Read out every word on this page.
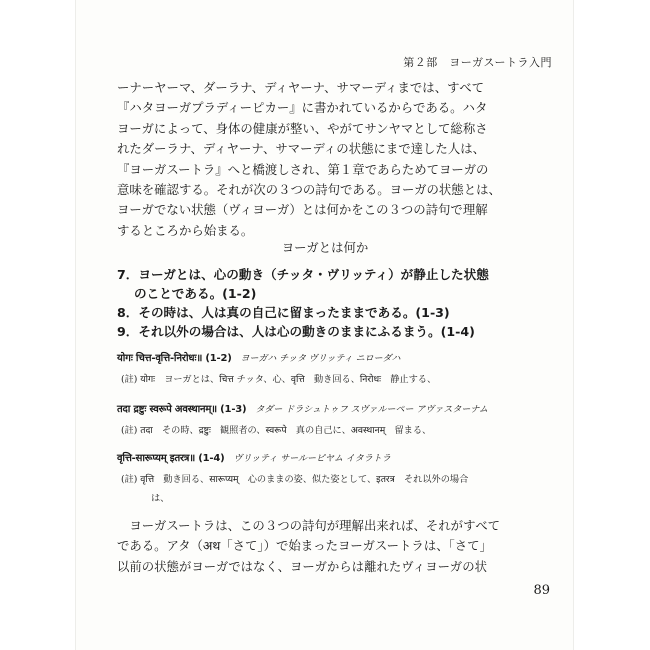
第２部　ヨーガスートラ入門

ーナーヤーマ、ダーラナ、ディヤーナ、サマーディまでは、すべて
『ハタヨーガプラディーピカー』に書かれているからである。ハタ
ヨーガによって、身体の健康が整い、やがてサンヤマとして総称さ
れたダーラナ、ディヤーナ、サマーディの状態にまで達した人は、
『ヨーガスートラ』へと橋渡しされ、第１章であらためてヨーガの
意味を確認する。それが次の３つの詩句である。ヨーガの状態とは、
ヨーガでない状態（ヴィヨーガ）とは何かをこの３つの詩句で理解
するところから始まる。

ヨーガとは何か
7．ヨーガとは、心の動き（チッタ・ヴリッティ）が静止した状態
のことである。(1-2)
8．その時は、人は真の自己に留まったままである。(1-3)
9．それ以外の場合は、人は心の動きのままにふるまう。(1-4)
योगः चित्त-वृत्ति-निरोधः॥ (1-2) ヨーガハ チッタ ヴリッティ ニローダハ
(註) योगः　ヨーガとは、चित्त チッタ、心、वृत्ति　動き回る、निरोधः　静止する、
तदा द्रष्टुः स्वरूपे अवस्थानम्॥ (1-3) タダー ドラシュトゥフ スヴァルーペー アヴァスターナム
(註) तदा　その時、द्रष्टुः　観照者の、स्वरूपे　真の自己に、अवस्थानम्　留まる、
वृत्ति-सारूप्यम् इतरत्र॥ (1-4) ヴリッティ サールーピヤム イタラトラ
(註) वृत्ति　動き回る、सारूप्यम्　心のままの姿、似た姿として、इतरत्र　それ以外の場合
は、

　ヨーガスートラは、この３つの詩句が理解出来れば、それがすべて
である。アタ（अथ「さて」）で始まったヨーガスートラは、「さて」
以前の状態がヨーガではなく、ヨーガからは離れたヴィヨーガの状

89
